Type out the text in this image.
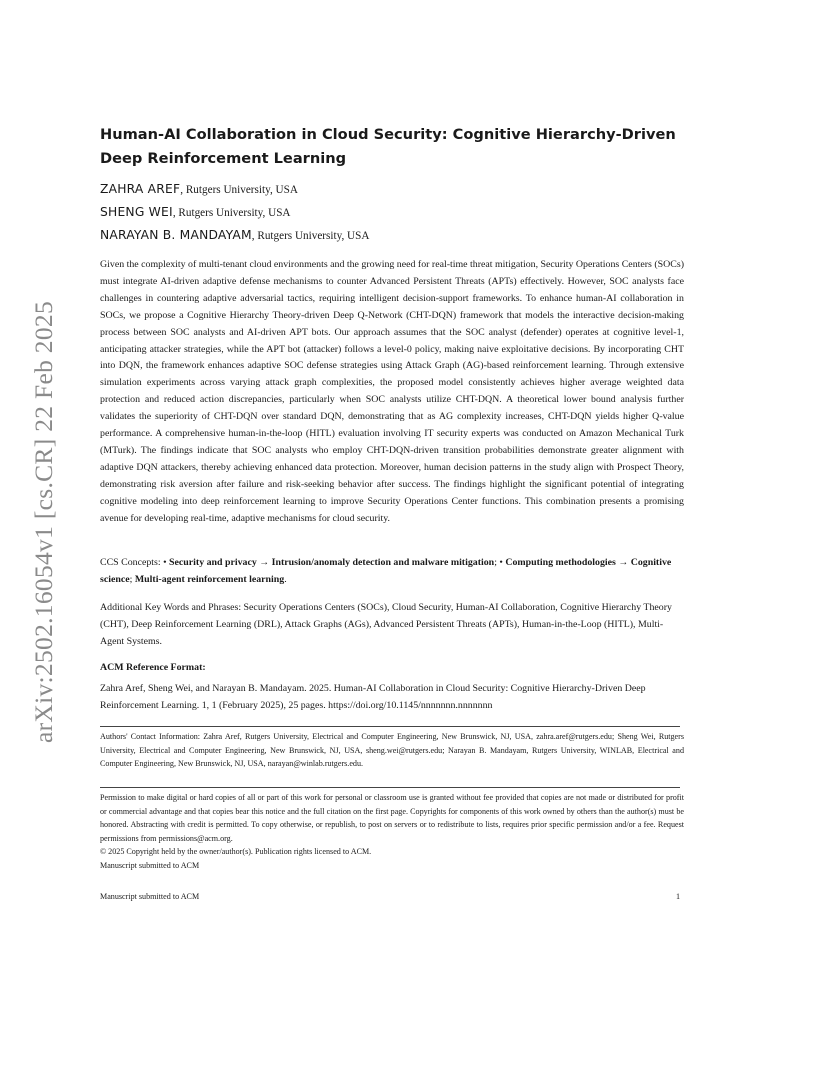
arXiv:2502.16054v1 [cs.CR] 22 Feb 2025
Human-AI Collaboration in Cloud Security: Cognitive Hierarchy-Driven Deep Reinforcement Learning
ZAHRA AREF, Rutgers University, USA
SHENG WEI, Rutgers University, USA
NARAYAN B. MANDAYAM, Rutgers University, USA

Given the complexity of multi-tenant cloud environments and the growing need for real-time threat mitigation, Security Operations Centers (SOCs) must integrate AI-driven adaptive defense mechanisms to counter Advanced Persistent Threats (APTs) effectively. However, SOC analysts face challenges in countering adaptive adversarial tactics, requiring intelligent decision-support frameworks. To enhance human-AI collaboration in SOCs, we propose a Cognitive Hierarchy Theory-driven Deep Q-Network (CHT-DQN) framework that models the interactive decision-making process between SOC analysts and AI-driven APT bots. Our approach assumes that the SOC analyst (defender) operates at cognitive level-1, anticipating attacker strategies, while the APT bot (attacker) follows a level-0 policy, making naive exploitative decisions. By incorporating CHT into DQN, the framework enhances adaptive SOC defense strategies using Attack Graph (AG)-based reinforcement learning. Through extensive simulation experiments across varying attack graph complexities, the proposed model consistently achieves higher average weighted data protection and reduced action discrepancies, particularly when SOC analysts utilize CHT-DQN. A theoretical lower bound analysis further validates the superiority of CHT-DQN over standard DQN, demonstrating that as AG complexity increases, CHT-DQN yields higher Q-value performance. A comprehensive human-in-the-loop (HITL) evaluation involving IT security experts was conducted on Amazon Mechanical Turk (MTurk). The findings indicate that SOC analysts who employ CHT-DQN-driven transition probabilities demonstrate greater alignment with adaptive DQN attackers, thereby achieving enhanced data protection. Moreover, human decision patterns in the study align with Prospect Theory, demonstrating risk aversion after failure and risk-seeking behavior after success. The findings highlight the significant potential of integrating cognitive modeling into deep reinforcement learning to improve Security Operations Center functions. This combination presents a promising avenue for developing real-time, adaptive mechanisms for cloud security.

CCS Concepts: • Security and privacy → Intrusion/anomaly detection and malware mitigation; • Computing methodologies → Cognitive science; Multi-agent reinforcement learning.

Additional Key Words and Phrases: Security Operations Centers (SOCs), Cloud Security, Human-AI Collaboration, Cognitive Hierarchy Theory (CHT), Deep Reinforcement Learning (DRL), Attack Graphs (AGs), Advanced Persistent Threats (APTs), Human-in-the-Loop (HITL), Multi-Agent Systems.

ACM Reference Format:

Zahra Aref, Sheng Wei, and Narayan B. Mandayam. 2025. Human-AI Collaboration in Cloud Security: Cognitive Hierarchy-Driven Deep Reinforcement Learning. 1, 1 (February 2025), 25 pages. https://doi.org/10.1145/nnnnnnn.nnnnnnn

Authors' Contact Information: Zahra Aref, Rutgers University, Electrical and Computer Engineering, New Brunswick, NJ, USA, zahra.aref@rutgers.edu; Sheng Wei, Rutgers University, Electrical and Computer Engineering, New Brunswick, NJ, USA, sheng.wei@rutgers.edu; Narayan B. Mandayam, Rutgers University, WINLAB, Electrical and Computer Engineering, New Brunswick, NJ, USA, narayan@winlab.rutgers.edu.

Permission to make digital or hard copies of all or part of this work for personal or classroom use is granted without fee provided that copies are not made or distributed for profit or commercial advantage and that copies bear this notice and the full citation on the first page. Copyrights for components of this work owned by others than the author(s) must be honored. Abstracting with credit is permitted. To copy otherwise, or republish, to post on servers or to redistribute to lists, requires prior specific permission and/or a fee. Request permissions from permissions@acm.org.

© 2025 Copyright held by the owner/author(s). Publication rights licensed to ACM.

Manuscript submitted to ACM

Manuscript submitted to ACM	1
